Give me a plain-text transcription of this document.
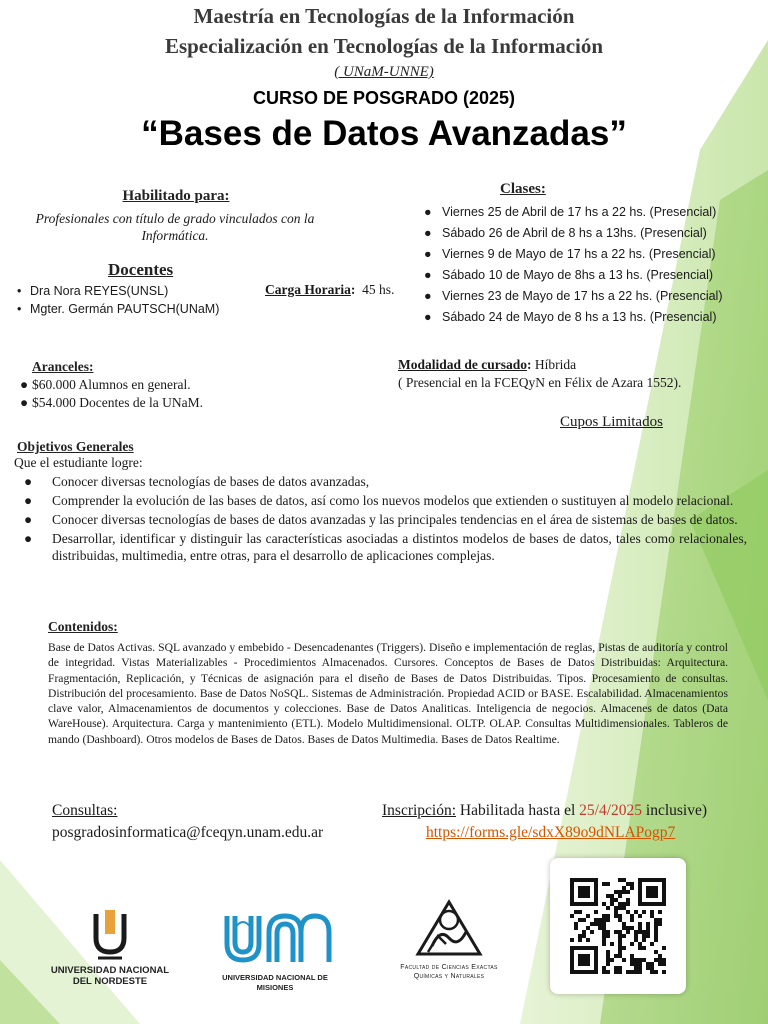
Maestría en Tecnologías de la Información
Especialización en Tecnologías de la Información
( UNaM-UNNE)
CURSO DE POSGRADO (2025)
“Bases de Datos Avanzadas”
Habilitado para:
Profesionales con título de grado vinculados con la Informática.
Clases:
● Viernes 25 de Abril de 17 hs a 22 hs. (Presencial)
● Sábado 26 de Abril de 8 hs a 13hs. (Presencial)
● Viernes 9 de Mayo de 17 hs a 22 hs. (Presencial)
● Sábado 10 de Mayo de 8hs a 13 hs. (Presencial)
● Viernes 23 de Mayo de 17 hs a 22 hs. (Presencial)
● Sábado 24 de Mayo de 8 hs a 13 hs. (Presencial)
Docentes
• Dra Nora REYES(UNSL)
• Mgter. Germán PAUTSCH(UNaM)
Carga Horaria: 45 hs.
Aranceles:
● $60.000 Alumnos en general.
● $54.000 Docentes de la UNaM.
Modalidad de cursado: Híbrida
( Presencial en la FCEQyN en Félix de Azara 1552).
Cupos Limitados
Objetivos Generales
Que el estudiante logre:
● Conocer diversas tecnologías de bases de datos avanzadas,
● Comprender la evolución de las bases de datos, así como los nuevos modelos que extienden o sustituyen al modelo relacional.
● Conocer diversas tecnologías de bases de datos avanzadas y las principales tendencias en el área de sistemas de bases de datos.
● Desarrollar, identificar y distinguir las características asociadas a distintos modelos de bases de datos, tales como relacionales, distribuidas, multimedia, entre otras, para el desarrollo de aplicaciones complejas.
Contenidos:
Base de Datos Activas. SQL avanzado y embebido - Desencadenantes (Triggers). Diseño e implementación de reglas, Pistas de auditoría y control de integridad. Vistas Materializables - Procedimientos Almacenados. Cursores. Conceptos de Bases de Datos Distribuidas: Arquitectura. Fragmentación, Replicación, y Técnicas de asignación para el diseño de Bases de Datos Distribuidas. Tipos. Procesamiento de consultas. Distribución del procesamiento. Base de Datos NoSQL. Sistemas de Administración. Propiedad ACID or BASE. Escalabilidad. Almacenamientos clave valor, Almacenamientos de documentos y colecciones. Base de Datos Analiticas. Inteligencia de negocios. Almacenes de datos (Data WareHouse). Arquitectura. Carga y mantenimiento (ETL). Modelo Multidimensional. OLTP. OLAP. Consultas Multidimensionales. Tableros de mando (Dashboard). Otros modelos de Bases de Datos. Bases de Datos Multimedia. Bases de Datos Realtime.
Consultas:
posgradosinformatica@fceqyn.unam.edu.ar
Inscripción: Habilitada hasta el 25/4/2025 inclusive)
https://forms.gle/sdxX89o9dNLAPogp7
UNIVERSIDAD NACIONAL
DEL NORDESTE	UNIVERSIDAD NACIONAL DE MISIONES
Facultad de Ciencias Exactas
Químicas y Naturales
